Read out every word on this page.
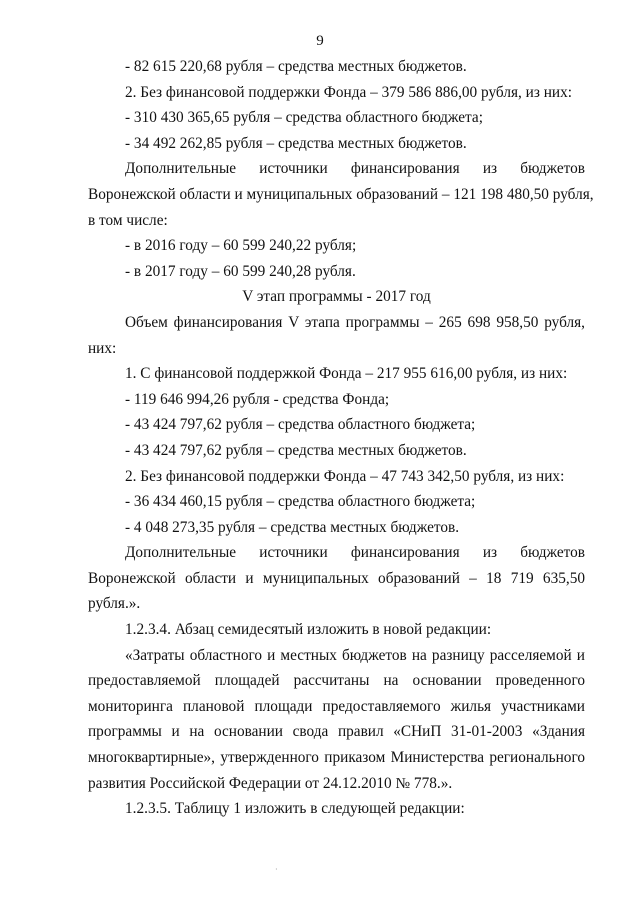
9
- 82 615 220,68 рубля – средства местных бюджетов.
2. Без финансовой поддержки Фонда – 379 586 886,00 рубля, из них:
- 310 430 365,65 рубля – средства областного бюджета;
- 34 492 262,85 рубля – средства местных бюджетов.
Дополнительные источники финансирования из бюджетов
Воронежской области и муниципальных образований – 121 198 480,50 рубля,
в том числе:
- в 2016 году – 60 599 240,22 рубля;
- в 2017 году – 60 599 240,28 рубля.
V этап программы - 2017 год
Объем финансирования V этапа программы – 265 698 958,50 рубля,
них:
1. С финансовой поддержкой Фонда – 217 955 616,00 рубля, из них:
- 119 646 994,26 рубля - средства Фонда;
- 43 424 797,62 рубля – средства областного бюджета;
- 43 424 797,62 рубля – средства местных бюджетов.
2. Без финансовой поддержки Фонда – 47 743 342,50 рубля, из них:
- 36 434 460,15 рубля – средства областного бюджета;
- 4 048 273,35 рубля – средства местных бюджетов.
Дополнительные источники финансирования из бюджетов
Воронежской области и муниципальных образований – 18 719 635,50
рубля.».
1.2.3.4. Абзац семидесятый изложить в новой редакции:
«Затраты областного и местных бюджетов на разницу расселяемой и
предоставляемой площадей рассчитаны на основании проведенного
мониторинга плановой площади предоставляемого жилья участниками
программы и на основании свода правил «СНиП 31-01-2003 «Здания
многоквартирные», утвержденного приказом Министерства регионального
развития Российской Федерации от 24.12.2010 № 778.».
1.2.3.5. Таблицу 1 изложить в следующей редакции:
·
